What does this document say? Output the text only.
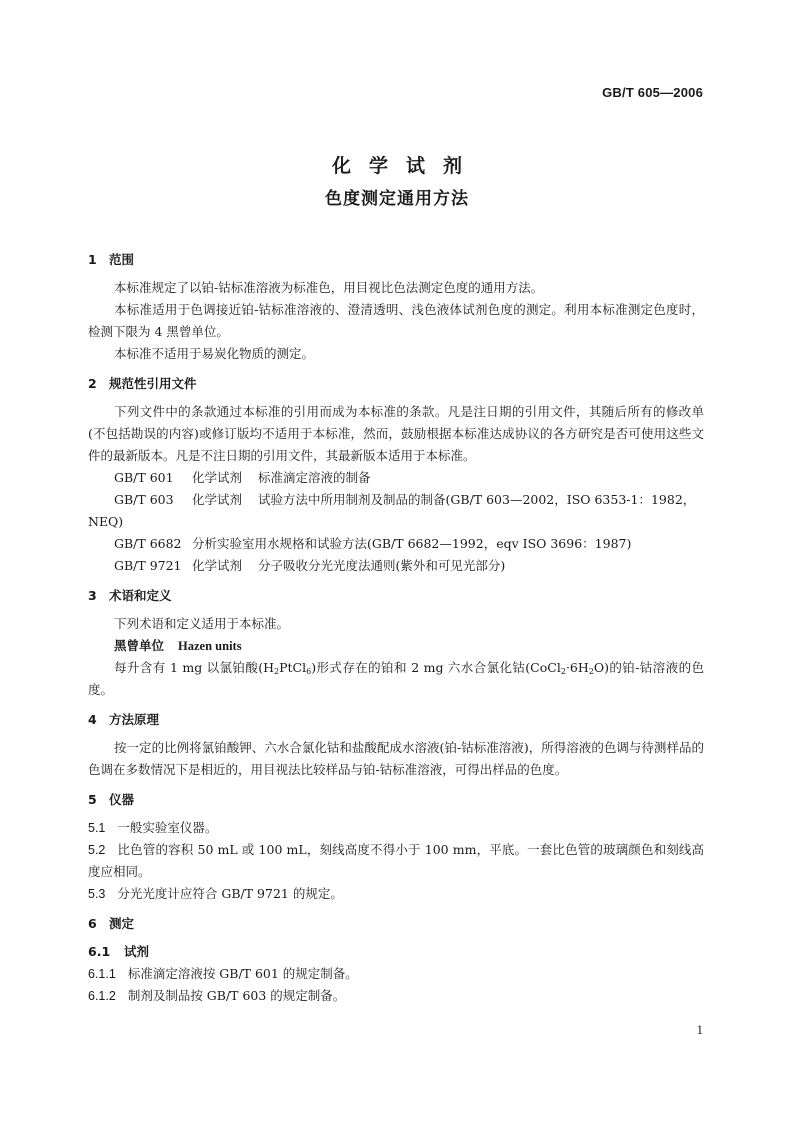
GB/T 605—2006
化学试剂
色度测定通用方法
1 范围
本标准规定了以铂-钴标准溶液为标准色，用目视比色法测定色度的通用方法。
本标准适用于色调接近铂-钴标准溶液的、澄清透明、浅色液体试剂色度的测定。利用本标准测定色度时，检测下限为 4 黑曾单位。
本标准不适用于易炭化物质的测定。
2 规范性引用文件
下列文件中的条款通过本标准的引用而成为本标准的条款。凡是注日期的引用文件，其随后所有的修改单(不包括勘误的内容)或修订版均不适用于本标准，然而，鼓励根据本标准达成协议的各方研究是否可使用这些文件的最新版本。凡是不注日期的引用文件，其最新版本适用于本标准。
GB/T 601 化学试剂 标准滴定溶液的制备
GB/T 603 化学试剂 试验方法中所用制剂及制品的制备(GB/T 603—2002，ISO 6353-1：1982，
NEQ)
GB/T 6682 分析实验室用水规格和试验方法(GB/T 6682—1992，eqv ISO 3696：1987)
GB/T 9721 化学试剂 分子吸收分光光度法通则(紫外和可见光部分)
3 术语和定义
下列术语和定义适用于本标准。
黑曾单位 Hazen units
每升含有 1 mg 以氯铂酸$(H_2PtCl_6)$形式存在的铂和 2 mg 六水合氯化钴$(CoCl_2\cdot 6H_2O)$的铂-钴溶液的色度。
4 方法原理
按一定的比例将氯铂酸钾、六水合氯化钴和盐酸配成水溶液(铂-钴标准溶液)，所得溶液的色调与待测样品的色调在多数情况下是相近的，用目视法比较样品与铂-钴标准溶液，可得出样品的色度。
5 仪器
5.1 一般实验室仪器。
5.2 比色管的容积 50 mL 或 100 mL，刻线高度不得小于 100 mm，平底。一套比色管的玻璃颜色和刻线高度应相同。
5.3 分光光度计应符合 GB/T 9721 的规定。
6 测定
6.1 试剂
6.1.1 标准滴定溶液按 GB/T 601 的规定制备。
6.1.2 制剂及制品按 GB/T 603 的规定制备。
1
